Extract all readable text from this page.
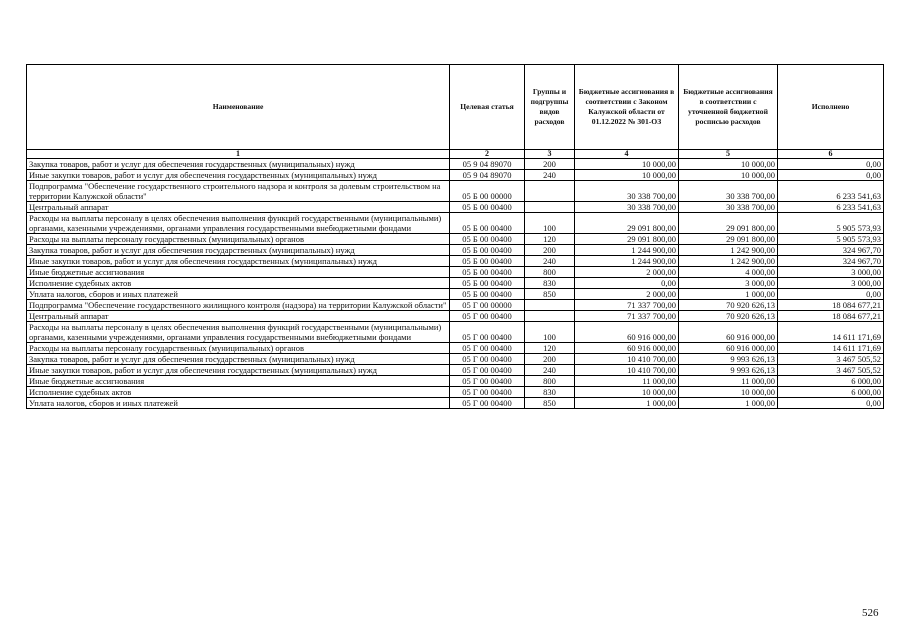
Наименование	Целевая статья	Группы и подгруппы видов расходов	Бюджетные ассигнования в соответствии с Законом Калужской области от 01.12.2022 № 301-ОЗ	Бюджетные ассигнования в соответствии с уточненной бюджетной росписью расходов	Исполнено
1	2	3	4	5	6
Закупка товаров, работ и услуг для обеспечения государственных (муниципальных) нужд	05 9 04 89070	200	10 000,00	10 000,00	0,00
Иные закупки товаров, работ и услуг для обеспечения государственных (муниципальных) нужд	05 9 04 89070	240	10 000,00	10 000,00	0,00
Подпрограмма "Обеспечение государственного строительного надзора и контроля за долевым строительством на территории Калужской области"	05 Б 00 00000		30 338 700,00	30 338 700,00	6 233 541,63
Центральный аппарат	05 Б 00 00400		30 338 700,00	30 338 700,00	6 233 541,63
Расходы на выплаты персоналу в целях обеспечения выполнения функций государственными (муниципальными) органами, казенными учреждениями, органами управления государственными внебюджетными фондами	05 Б 00 00400	100	29 091 800,00	29 091 800,00	5 905 573,93
Расходы на выплаты персоналу государственных (муниципальных) органов	05 Б 00 00400	120	29 091 800,00	29 091 800,00	5 905 573,93
Закупка товаров, работ и услуг для обеспечения государственных (муниципальных) нужд	05 Б 00 00400	200	1 244 900,00	1 242 900,00	324 967,70
Иные закупки товаров, работ и услуг для обеспечения государственных (муниципальных) нужд	05 Б 00 00400	240	1 244 900,00	1 242 900,00	324 967,70
Иные бюджетные ассигнования	05 Б 00 00400	800	2 000,00	4 000,00	3 000,00
Исполнение судебных актов	05 Б 00 00400	830	0,00	3 000,00	3 000,00
Уплата налогов, сборов и иных платежей	05 Б 00 00400	850	2 000,00	1 000,00	0,00
Подпрограмма "Обеспечение государственного жилищного контроля (надзора) на территории Калужской области"	05 Г 00 00000		71 337 700,00	70 920 626,13	18 084 677,21
Центральный аппарат	05 Г 00 00400		71 337 700,00	70 920 626,13	18 084 677,21
Расходы на выплаты персоналу в целях обеспечения выполнения функций государственными (муниципальными) органами, казенными учреждениями, органами управления государственными внебюджетными фондами	05 Г 00 00400	100	60 916 000,00	60 916 000,00	14 611 171,69
Расходы на выплаты персоналу государственных (муниципальных) органов	05 Г 00 00400	120	60 916 000,00	60 916 000,00	14 611 171,69
Закупка товаров, работ и услуг для обеспечения государственных (муниципальных) нужд	05 Г 00 00400	200	10 410 700,00	9 993 626,13	3 467 505,52
Иные закупки товаров, работ и услуг для обеспечения государственных (муниципальных) нужд	05 Г 00 00400	240	10 410 700,00	9 993 626,13	3 467 505,52
Иные бюджетные ассигнования	05 Г 00 00400	800	11 000,00	11 000,00	6 000,00
Исполнение судебных актов	05 Г 00 00400	830	10 000,00	10 000,00	6 000,00
Уплата налогов, сборов и иных платежей	05 Г 00 00400	850	1 000,00	1 000,00	0,00
526
